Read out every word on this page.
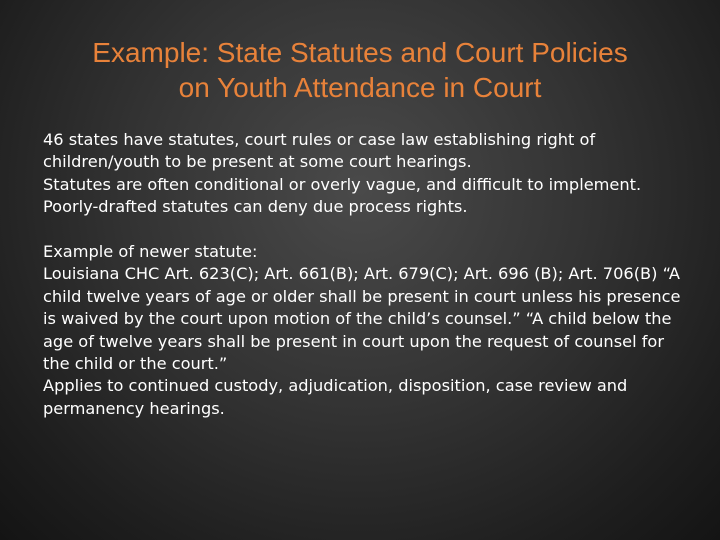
Example: State Statutes and Court Policies
on Youth Attendance in Court

46 states have statutes, court rules or case law establishing right of children/youth to be present at some court hearings.

Statutes are often conditional or overly vague, and difficult to implement. Poorly-drafted statutes can deny due process rights.

Example of newer statute:

Louisiana CHC Art. 623(C); Art. 661(B); Art. 679(C); Art. 696 (B); Art. 706(B) “A child twelve years of age or older shall be present in court unless his presence is waived by the court upon motion of the child’s counsel.” “A child below the age of twelve years shall be present in court upon the request of counsel for the child or the court.”

Applies to continued custody, adjudication, disposition, case review and permanency hearings.
